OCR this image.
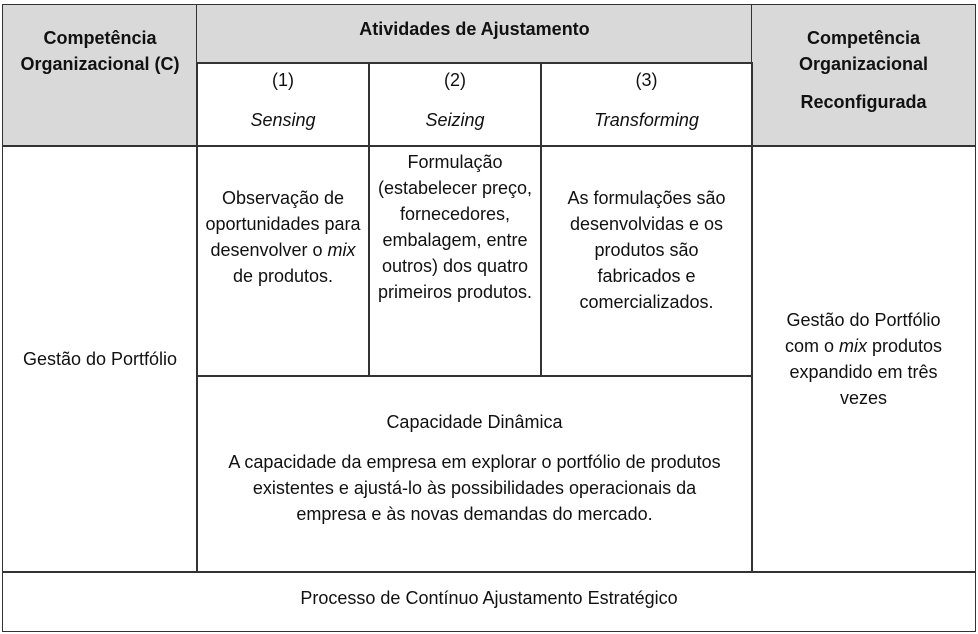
Competência Organizacional (C)
Atividades de Ajustamento	Competência Organizacional
Reconfigurada
(1)
Sensing
(2)
Seizing
(3)
Transforming
Gestão do Portfólio

Observação de oportunidades para desenvolver o mix de produtos.

Formulação (estabelecer preço, fornecedores, embalagem, entre outros) dos quatro primeiros produtos.

As formulações são desenvolvidas e os produtos são fabricados e comercializados.

Capacidade Dinâmica

A capacidade da empresa em explorar o portfólio de produtos existentes e ajustá-lo às possibilidades operacionais da empresa e às novas demandas do mercado.

Gestão do Portfólio com o mix produtos expandido em três vezes

Processo de Contínuo Ajustamento Estratégico
